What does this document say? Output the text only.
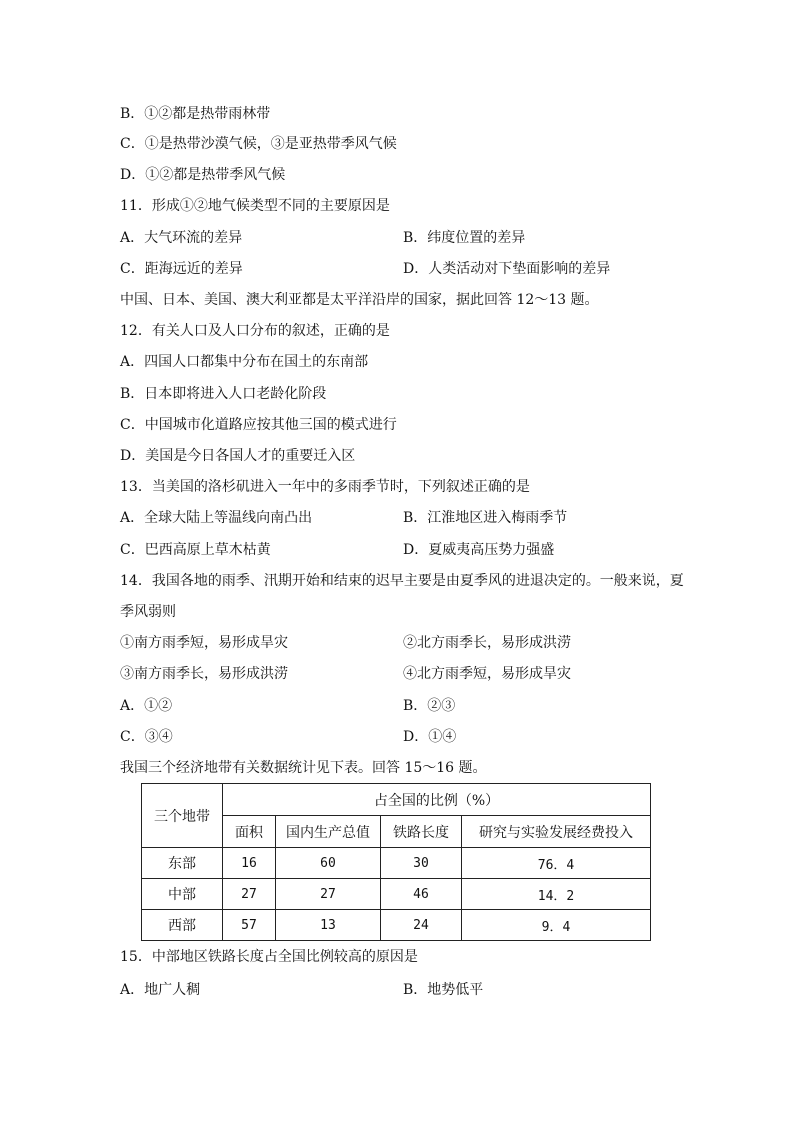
B．①②都是热带雨林带
C．①是热带沙漠气候，③是亚热带季风气候
D．①②都是热带季风气候
11．形成①②地气候类型不同的主要原因是
A．大气环流的差异	B．纬度位置的差异
C．距海远近的差异	D．人类活动对下垫面影响的差异
中国、日本、美国、澳大利亚都是太平洋沿岸的国家，据此回答 12～13 题。
12．有关人口及人口分布的叙述，正确的是
A．四国人口都集中分布在国土的东南部
B．日本即将进入人口老龄化阶段
C．中国城市化道路应按其他三国的模式进行
D．美国是今日各国人才的重要迁入区
13．当美国的洛杉矶进入一年中的多雨季节时，下列叙述正确的是
A．全球大陆上等温线向南凸出	B．江淮地区进入梅雨季节
C．巴西高原上草木枯黄	D．夏威夷高压势力强盛
14．我国各地的雨季、汛期开始和结束的迟早主要是由夏季风的进退决定的。一般来说，夏
季风弱则
①南方雨季短，易形成旱灾	②北方雨季长，易形成洪涝
③南方雨季长，易形成洪涝	④北方雨季短，易形成旱灾
A．①②	B．②③
C．③④	D．①④
我国三个经济地带有关数据统计见下表。回答 15～16 题。
三个地带	占全国的比例（%）			
	面积	国内生产总值	铁路长度	研究与实验发展经费投入
东部	16	60	30	76．4
中部	27	27	46	14．2
西部	57	13	24	9．4
15．中部地区铁路长度占全国比例较高的原因是
A．地广人稠	B．地势低平
